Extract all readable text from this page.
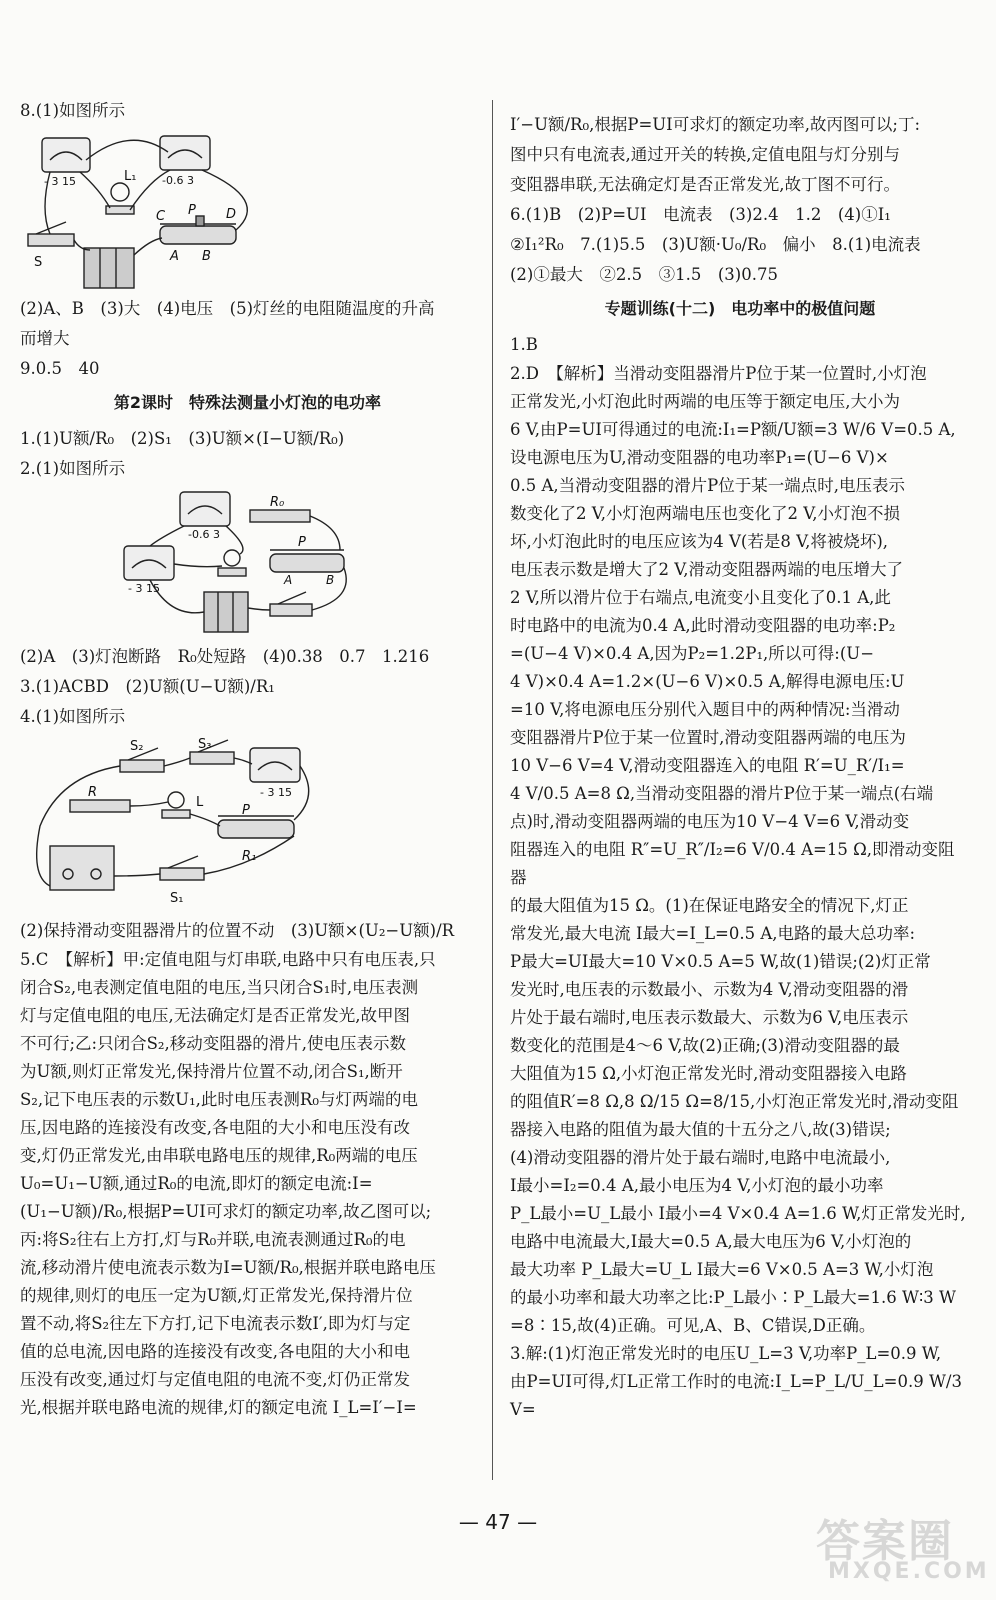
8.(1)如图所示

- 3 15	-0.6 3
L₁
S
C P D
A B

(2)A、B　(3)大　(4)电压　(5)灯丝的电阻随温度的升高

而增大

9.0.5　40

第2课时　特殊法测量小灯泡的电功率

1.(1)U额/R₀　(2)S₁　(3)U额×(I−U额/R₀)

2.(1)如图所示

R₀
P
A	B
- 3 15
-0.6 3

(2)A　(3)灯泡断路　R₀处短路　(4)0.38　0.7　1.216

3.(1)ACBD　(2)U额(U−U额)/R₁

4.(1)如图所示

S₂	S₃
- 3 15
R
L
P
R₁
S₁

(2)保持滑动变阻器滑片的位置不动　(3)U额×(U₂−U额)/R

5.C　【解析】甲:定值电阻与灯串联,电路中只有电压表,只

闭合S₂,电表测定值电阻的电压,当只闭合S₁时,电压表测

灯与定值电阻的电压,无法确定灯是否正常发光,故甲图

不可行;乙:只闭合S₂,移动变阻器的滑片,使电压表示数

为U额,则灯正常发光,保持滑片位置不动,闭合S₁,断开

S₂,记下电压表的示数U₁,此时电压表测R₀与灯两端的电

压,因电路的连接没有改变,各电阻的大小和电压没有改

变,灯仍正常发光,由串联电路电压的规律,R₀两端的电压

U₀=U₁−U额,通过R₀的电流,即灯的额定电流:I=

(U₁−U额)/R₀,根据P=UI可求灯的额定功率,故乙图可以;

丙:将S₂往右上方打,灯与R₀并联,电流表测通过R₀的电

流,移动滑片使电流表示数为I=U额/R₀,根据并联电路电压

的规律,则灯的电压一定为U额,灯正常发光,保持滑片位

置不动,将S₂往左下方打,记下电流表示数I′,即为灯与定

值的总电流,因电路的连接没有改变,各电阻的大小和电

压没有改变,通过灯与定值电阻的电流不变,灯仍正常发

光,根据并联电路电流的规律,灯的额定电流 I_L=I′−I=

I′−U额/R₀,根据P=UI可求灯的额定功率,故丙图可以;丁:

图中只有电流表,通过开关的转换,定值电阻与灯分别与

变阻器串联,无法确定灯是否正常发光,故丁图不可行。

6.(1)B　(2)P=UI　电流表　(3)2.4　1.2　(4)①I₁

②I₁²R₀　7.(1)5.5　(3)U额·U₀/R₀　偏小　8.(1)电流表

(2)①最大　②2.5　③1.5　(3)0.75

专题训练(十二)　电功率中的极值问题

1.B

2.D　【解析】当滑动变阻器滑片P位于某一位置时,小灯泡

正常发光,小灯泡此时两端的电压等于额定电压,大小为

6 V,由P=UI可得通过的电流:I₁=P额/U额=3 W/6 V=0.5 A,

设电源电压为U,滑动变阻器的电功率P₁=(U−6 V)×

0.5 A,当滑动变阻器的滑片P位于某一端点时,电压表示

数变化了2 V,小灯泡两端电压也变化了2 V,小灯泡不损

坏,小灯泡此时的电压应该为4 V(若是8 V,将被烧坏),

电压表示数是增大了2 V,滑动变阻器两端的电压增大了

2 V,所以滑片位于右端点,电流变小且变化了0.1 A,此

时电路中的电流为0.4 A,此时滑动变阻器的电功率:P₂

=(U−4 V)×0.4 A,因为P₂=1.2P₁,所以可得:(U−

4 V)×0.4 A=1.2×(U−6 V)×0.5 A,解得电源电压:U

=10 V,将电源电压分别代入题目中的两种情况:当滑动

变阻器滑片P位于某一位置时,滑动变阻器两端的电压为

10 V−6 V=4 V,滑动变阻器连入的电阻 R′=U_R′/I₁=

4 V/0.5 A=8 Ω,当滑动变阻器的滑片P位于某一端点(右端

点)时,滑动变阻器两端的电压为10 V−4 V=6 V,滑动变

阻器连入的电阻 R″=U_R″/I₂=6 V/0.4 A=15 Ω,即滑动变阻器

的最大阻值为15 Ω。(1)在保证电路安全的情况下,灯正

常发光,最大电流 I最大=I_L=0.5 A,电路的最大总功率:

P最大=UI最大=10 V×0.5 A=5 W,故(1)错误;(2)灯正常

发光时,电压表的示数最小、示数为4 V,滑动变阻器的滑

片处于最右端时,电压表示数最大、示数为6 V,电压表示

数变化的范围是4～6 V,故(2)正确;(3)滑动变阻器的最

大阻值为15 Ω,小灯泡正常发光时,滑动变阻器接入电路

的阻值R′=8 Ω,8 Ω/15 Ω=8/15,小灯泡正常发光时,滑动变阻

器接入电路的阻值为最大值的十五分之八,故(3)错误;

(4)滑动变阻器的滑片处于最右端时,电路中电流最小,

I最小=I₂=0.4 A,最小电压为4 V,小灯泡的最小功率

P_L最小=U_L最小 I最小=4 V×0.4 A=1.6 W,灯正常发光时,

电路中电流最大,I最大=0.5 A,最大电压为6 V,小灯泡的

最大功率 P_L最大=U_L I最大=6 V×0.5 A=3 W,小灯泡

的最小功率和最大功率之比:P_L最小∶P_L最大=1.6 W∶3 W

=8∶15,故(4)正确。可见,A、B、C错误,D正确。

3.解:(1)灯泡正常发光时的电压U_L=3 V,功率P_L=0.9 W,

由P=UI可得,灯L正常工作时的电流:I_L=P_L/U_L=0.9 W/3 V=

— 47 —	答案圈
MXQE.COM
